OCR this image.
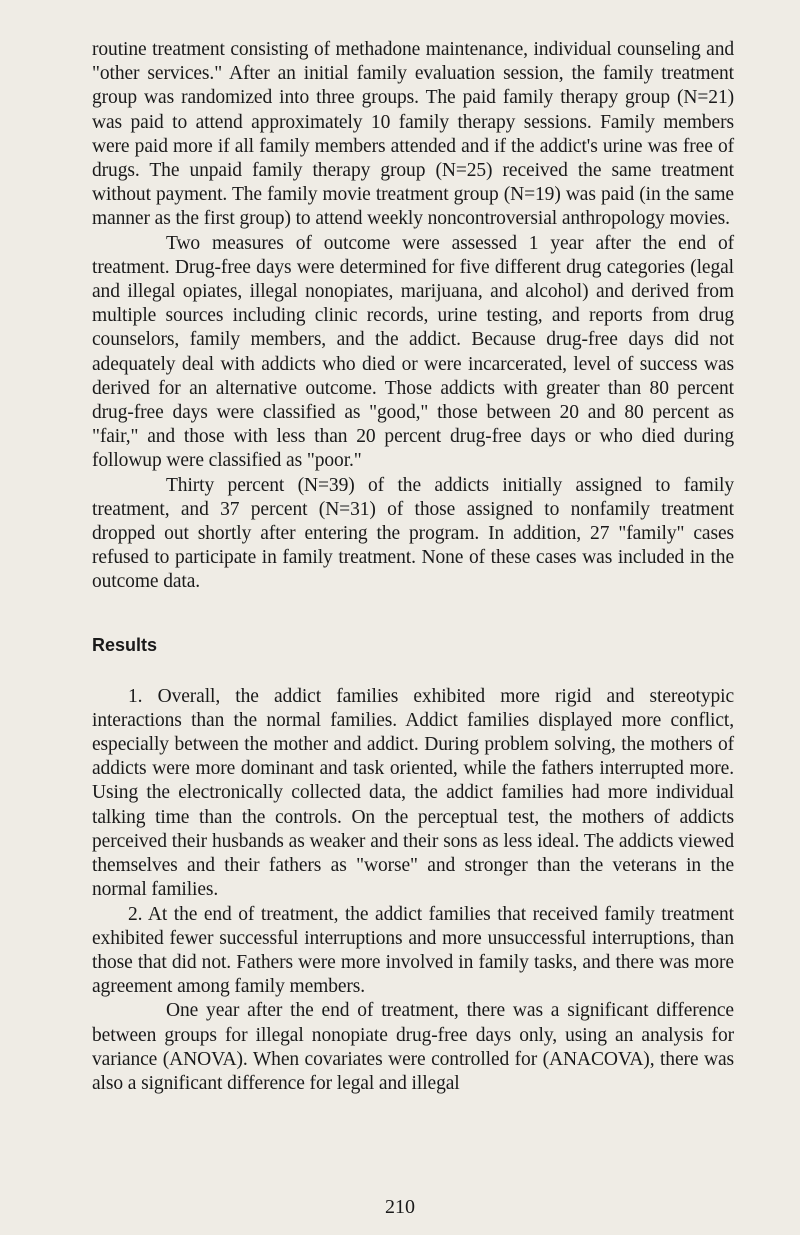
routine treatment consisting of methadone maintenance, individual counseling and "other services." After an initial family evaluation session, the family treatment group was randomized into three groups. The paid family therapy group (N=21) was paid to attend approximately 10 family therapy sessions. Family members were paid more if all family members attended and if the addict's urine was free of drugs. The unpaid family therapy group (N=25) received the same treatment without payment. The family movie treatment group (N=19) was paid (in the same manner as the first group) to attend weekly noncontroversial anthropology movies.

Two measures of outcome were assessed 1 year after the end of treatment. Drug-free days were determined for five different drug categories (legal and illegal opiates, illegal nonopiates, marijuana, and alcohol) and derived from multiple sources including clinic records, urine testing, and reports from drug counselors, family members, and the addict. Because drug-free days did not adequately deal with addicts who died or were incarcerated, level of success was derived for an alternative outcome. Those addicts with greater than 80 percent drug-free days were classified as "good," those between 20 and 80 percent as "fair," and those with less than 20 percent drug-free days or who died during followup were classified as "poor."

Thirty percent (N=39) of the addicts initially assigned to family treatment, and 37 percent (N=31) of those assigned to nonfamily treatment dropped out shortly after entering the program. In addition, 27 "family" cases refused to participate in family treatment. None of these cases was included in the outcome data.

Results

1. Overall, the addict families exhibited more rigid and stereotypic interactions than the normal families. Addict families displayed more conflict, especially between the mother and addict. During problem solving, the mothers of addicts were more dominant and task oriented, while the fathers interrupted more. Using the electronically collected data, the addict families had more individual talking time than the controls. On the perceptual test, the mothers of addicts perceived their husbands as weaker and their sons as less ideal. The addicts viewed themselves and their fathers as "worse" and stronger than the veterans in the normal families.

2. At the end of treatment, the addict families that received family treatment exhibited fewer successful interruptions and more unsuccessful interruptions, than those that did not. Fathers were more involved in family tasks, and there was more agreement among family members.

One year after the end of treatment, there was a significant difference between groups for illegal nonopiate drug-free days only, using an analysis for variance (ANOVA). When covariates were controlled for (ANACOVA), there was also a significant difference for legal and illegal

210
